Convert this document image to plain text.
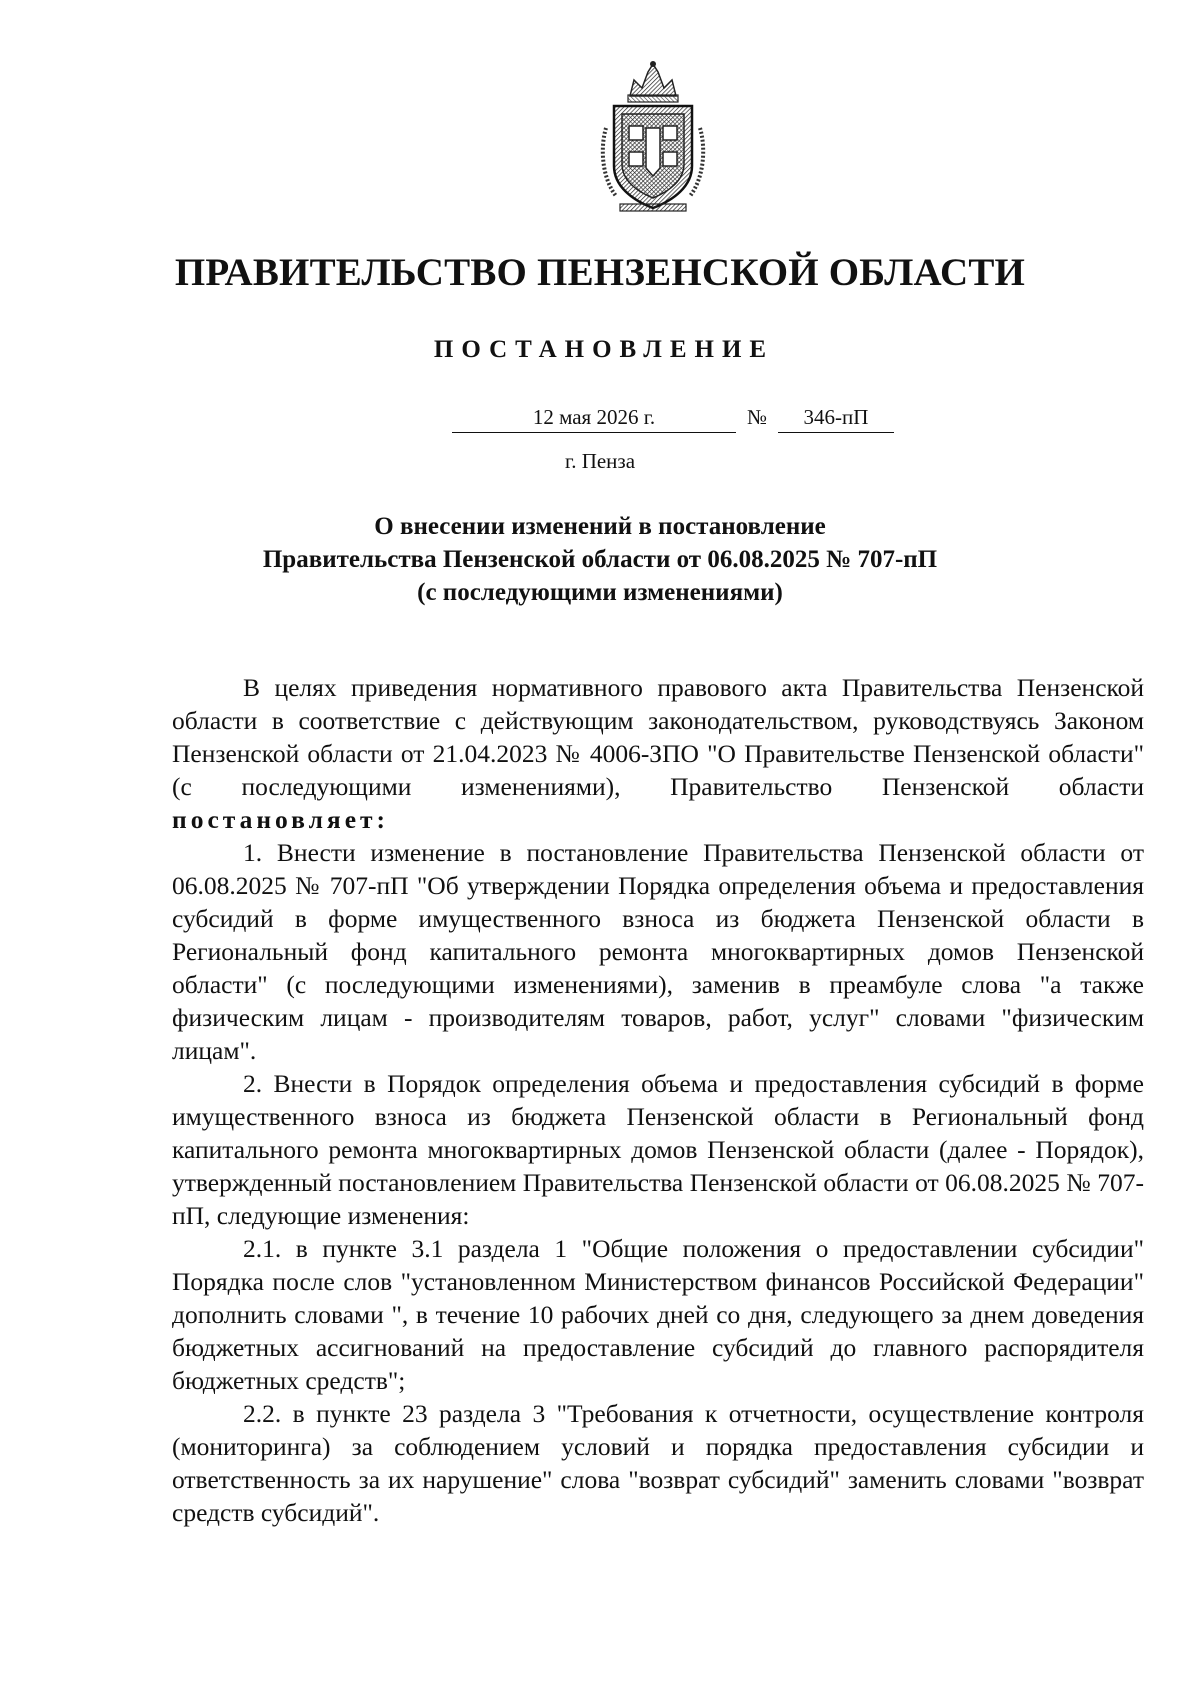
ПРАВИТЕЛЬСТВО ПЕНЗЕНСКОЙ ОБЛАСТИ
ПОСТАНОВЛЕНИЕ
12 мая 2026 г.	№	346-пП
г. Пенза
О внесении изменений в постановление
Правительства Пензенской области от 06.08.2025 № 707-пП
(с последующими изменениями)

В целях приведения нормативного правового акта Правительства Пензенской области в соответствие с действующим законодательством, руководствуясь Законом Пензенской области от 21.04.2023 № 4006-ЗПО "О Правительстве Пензенской области" (с последующими изменениями), Правительство Пензенской области постановляет:

1. Внести изменение в постановление Правительства Пензенской области от 06.08.2025 № 707-пП "Об утверждении Порядка определения объема и предоставления субсидий в форме имущественного взноса из бюджета Пензенской области в Региональный фонд капитального ремонта многоквартирных домов Пензенской области" (с последующими изменениями), заменив в преамбуле слова "а также физическим лицам - производителям товаров, работ, услуг" словами "физическим лицам".

2. Внести в Порядок определения объема и предоставления субсидий в форме имущественного взноса из бюджета Пензенской области в Региональный фонд капитального ремонта многоквартирных домов Пензенской области (далее - Порядок), утвержденный постановлением Правительства Пензенской области от 06.08.2025 № 707-пП, следующие изменения:

2.1. в пункте 3.1 раздела 1 "Общие положения о предоставлении субсидии" Порядка после слов "установленном Министерством финансов Российской Федерации" дополнить словами ", в течение 10 рабочих дней со дня, следующего за днем доведения бюджетных ассигнований на предоставление субсидий до главного распорядителя бюджетных средств";

2.2. в пункте 23 раздела 3 "Требования к отчетности, осуществление контроля (мониторинга) за соблюдением условий и порядка предоставления субсидии и ответственность за их нарушение" слова "возврат субсидий" заменить словами "возврат средств субсидий".
